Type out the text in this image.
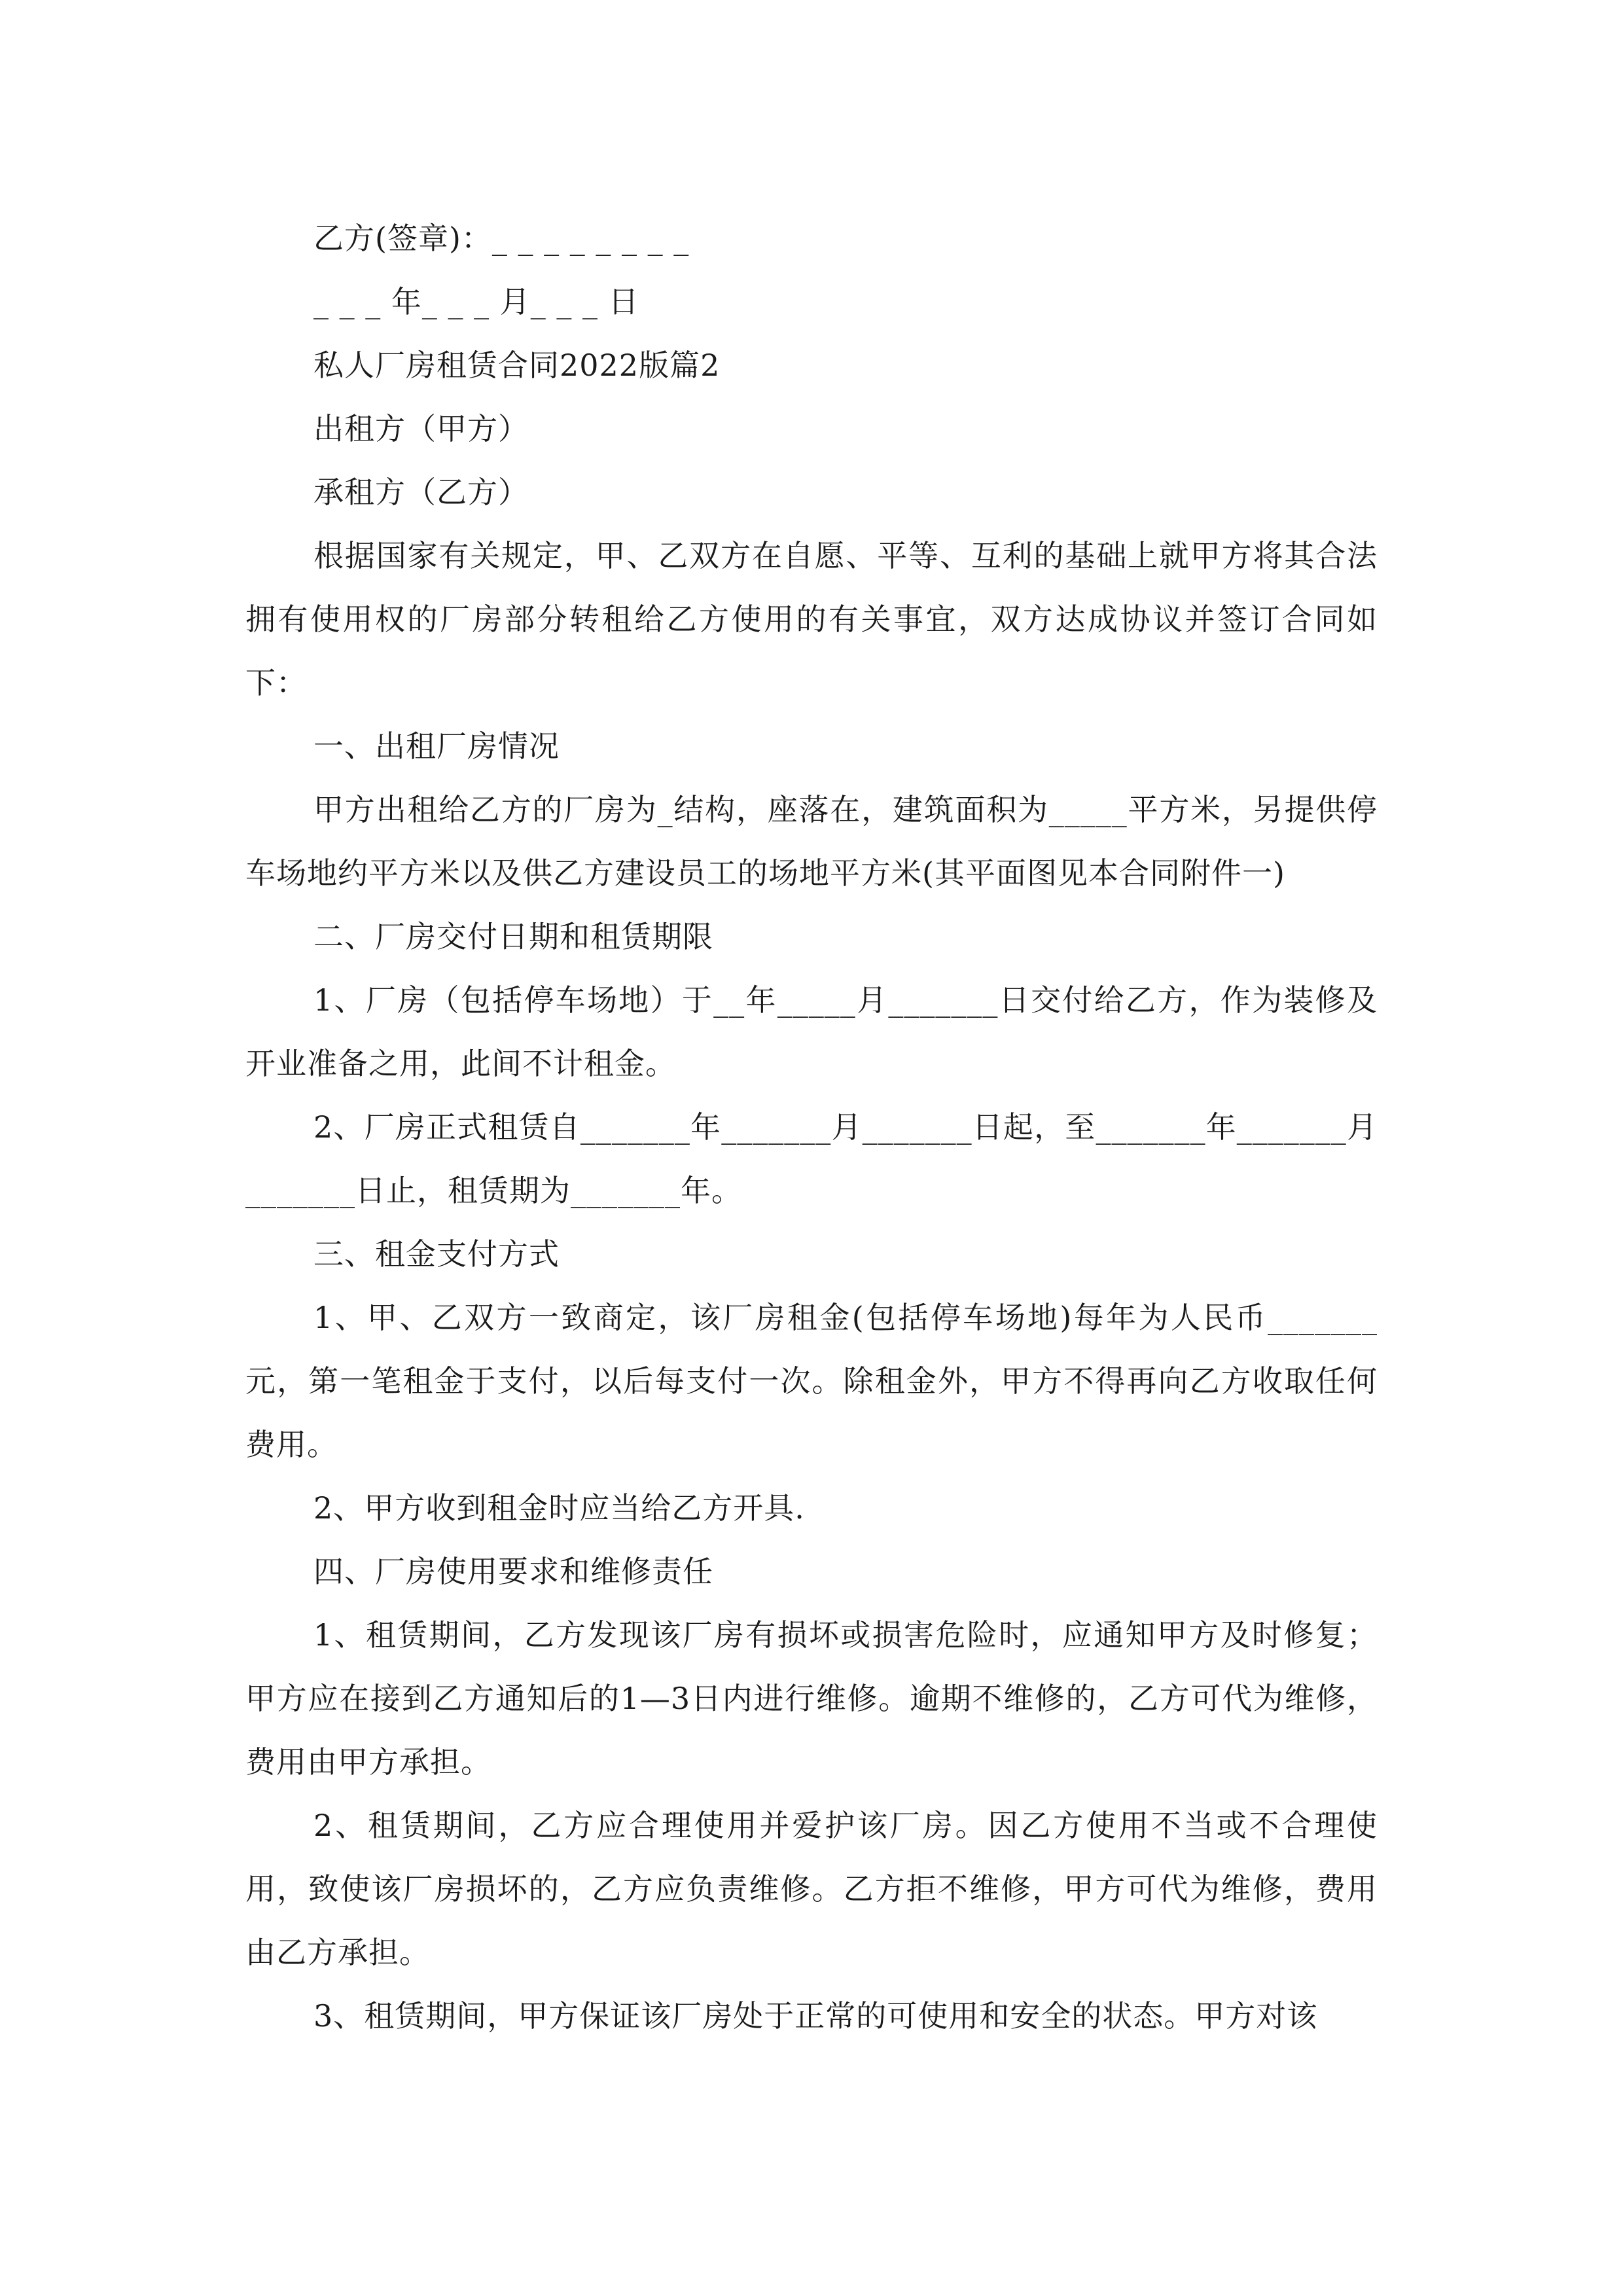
乙方(签章)：_ _ _ _ _ _ _ _

_ _ _ 年_ _ _ 月_ _ _ 日

私人厂房租赁合同2022版篇2

出租方（甲方）

承租方（乙方）

根据国家有关规定，甲、乙双方在自愿、平等、互利的基础上就甲方将其合法拥有使用权的厂房部分转租给乙方使用的有关事宜，双方达成协议并签订合同如下：

一、出租厂房情况

甲方出租给乙方的厂房为_结构，座落在，建筑面积为_____平方米，另提供停车场地约平方米以及供乙方建设员工的场地平方米(其平面图见本合同附件一)

二、厂房交付日期和租赁期限

1、厂房（包括停车场地）于__年_____月_______日交付给乙方，作为装修及开业准备之用，此间不计租金。

2、厂房正式租赁自_______年_______月_______日起，至_______年_______月_______日止，租赁期为_______年。

三、租金支付方式

1、甲、乙双方一致商定，该厂房租金(包括停车场地)每年为人民币_______元，第一笔租金于支付，以后每支付一次。除租金外，甲方不得再向乙方收取任何费用。

2、甲方收到租金时应当给乙方开具.

四、厂房使用要求和维修责任

1、租赁期间，乙方发现该厂房有损坏或损害危险时，应通知甲方及时修复；甲方应在接到乙方通知后的1—3日内进行维修。逾期不维修的，乙方可代为维修，费用由甲方承担。

2、租赁期间，乙方应合理使用并爱护该厂房。因乙方使用不当或不合理使用，致使该厂房损坏的，乙方应负责维修。乙方拒不维修，甲方可代为维修，费用由乙方承担。

3、租赁期间，甲方保证该厂房处于正常的可使用和安全的状态。甲方对该
